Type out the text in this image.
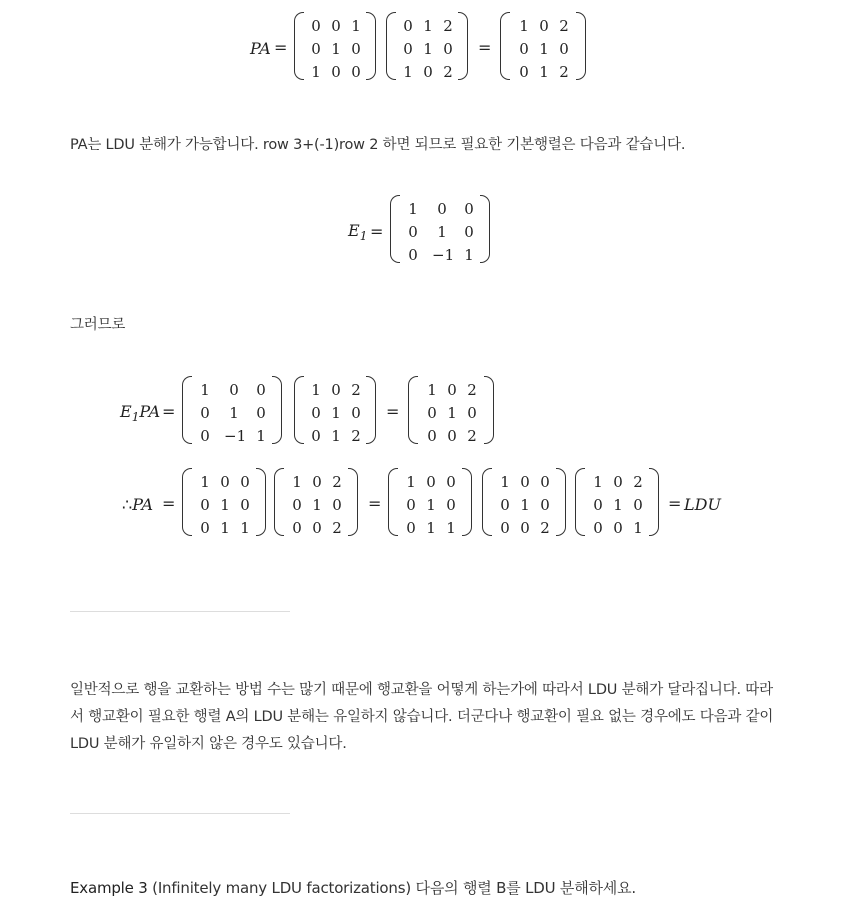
PA =
0 0 1
0 1 0
1 0 0
0 1 2
0 1 0
1 0 2
=
1 0 2
0 1 0
0 1 2
PA는 LDU 분해가 가능합니다. row 3+(-1)row 2 하면 되므로 필요한 기본행렬은 다음과 같습니다.
$E_1$ =
1	0	0
0	1	0
0 −1 1
그러므로
$E_1PA$ =
1	0	0
0	1	0
0 −1 1
1 0 2
0 1 0
0 1 2
=
1 0 2
0 1 0
0 0 2
∴PA =
1 0 0
0 1 0
0 1 1
1 0 2
0 1 0
0 0 2
=
1 0 0
0 1 0
0 1 1
1 0 0
0 1 0
0 0 2
1 0 2
0 1 0
0 0 1
= LDU
일반적으로 행을 교환하는 방법 수는 많기 때문에 행교환을 어떻게 하는가에 따라서 LDU 분해가 달라집니다. 따라
서 행교환이 필요한 행렬 A의 LDU 분해는 유일하지 않습니다. 더군다나 행교환이 필요 없는 경우에도 다음과 같이
LDU 분해가 유일하지 않은 경우도 있습니다.
Example 3 (Infinitely many LDU factorizations) 다음의 행렬 B를 LDU 분해하세요.
